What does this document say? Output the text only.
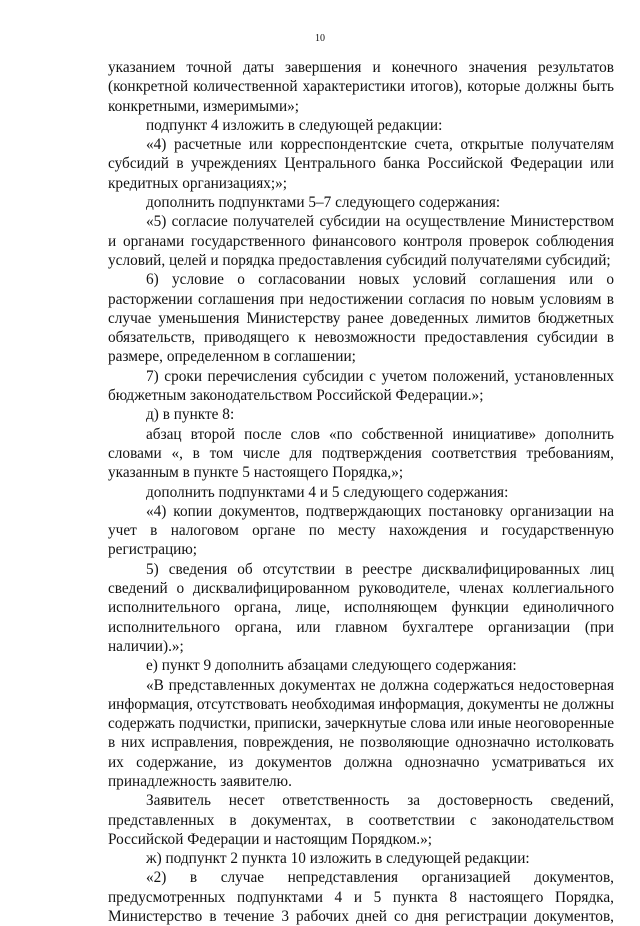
10

указанием точной даты завершения и конечного значения результатов (конкретной количественной характеристики итогов), которые должны быть конкретными, измеримыми»;

подпункт 4 изложить в следующей редакции:

«4) расчетные или корреспондентские счета, открытые получателям субсидий в учреждениях Центрального банка Российской Федерации или кредитных организациях;»;

дополнить подпунктами 5–7 следующего содержания:

«5) согласие получателей субсидии на осуществление Министерством и органами государственного финансового контроля проверок соблюдения условий, целей и порядка предоставления субсидий получателями субсидий;

6) условие о согласовании новых условий соглашения или о расторжении соглашения при недостижении согласия по новым условиям в случае уменьшения Министерству ранее доведенных лимитов бюджетных обязательств, приводящего к невозможности предоставления субсидии в размере, определенном в соглашении;

7) сроки перечисления субсидии с учетом положений, установленных бюджетным законодательством Российской Федерации.»;

д) в пункте 8:

абзац второй после слов «по собственной инициативе» дополнить словами «, в том числе для подтверждения соответствия требованиям, указанным в пункте 5 настоящего Порядка,»;

дополнить подпунктами 4 и 5 следующего содержания:

«4) копии документов, подтверждающих постановку организации на учет в налоговом органе по месту нахождения и государственную регистрацию;

5) сведения об отсутствии в реестре дисквалифицированных лиц сведений о дисквалифицированном руководителе, членах коллегиального исполнительного органа, лице, исполняющем функции единоличного исполнительного органа, или главном бухгалтере организации (при наличии).»;

е) пункт 9 дополнить абзацами следующего содержания:

«В представленных документах не должна содержаться недостоверная информация, отсутствовать необходимая информация, документы не должны содержать подчистки, приписки, зачеркнутые слова или иные неоговоренные в них исправления, повреждения, не позволяющие однозначно истолковать их содержание, из документов должна однозначно усматриваться их принадлежность заявителю.

Заявитель несет ответственность за достоверность сведений, представленных в документах, в соответствии с законодательством Российской Федерации и настоящим Порядком.»;

ж) подпункт 2 пункта 10 изложить в следующей редакции:

«2) в случае непредставления организацией документов, предусмотренных подпунктами 4 и 5 пункта 8 настоящего Порядка, Министерство в течение 3 рабочих дней со дня регистрации документов,
